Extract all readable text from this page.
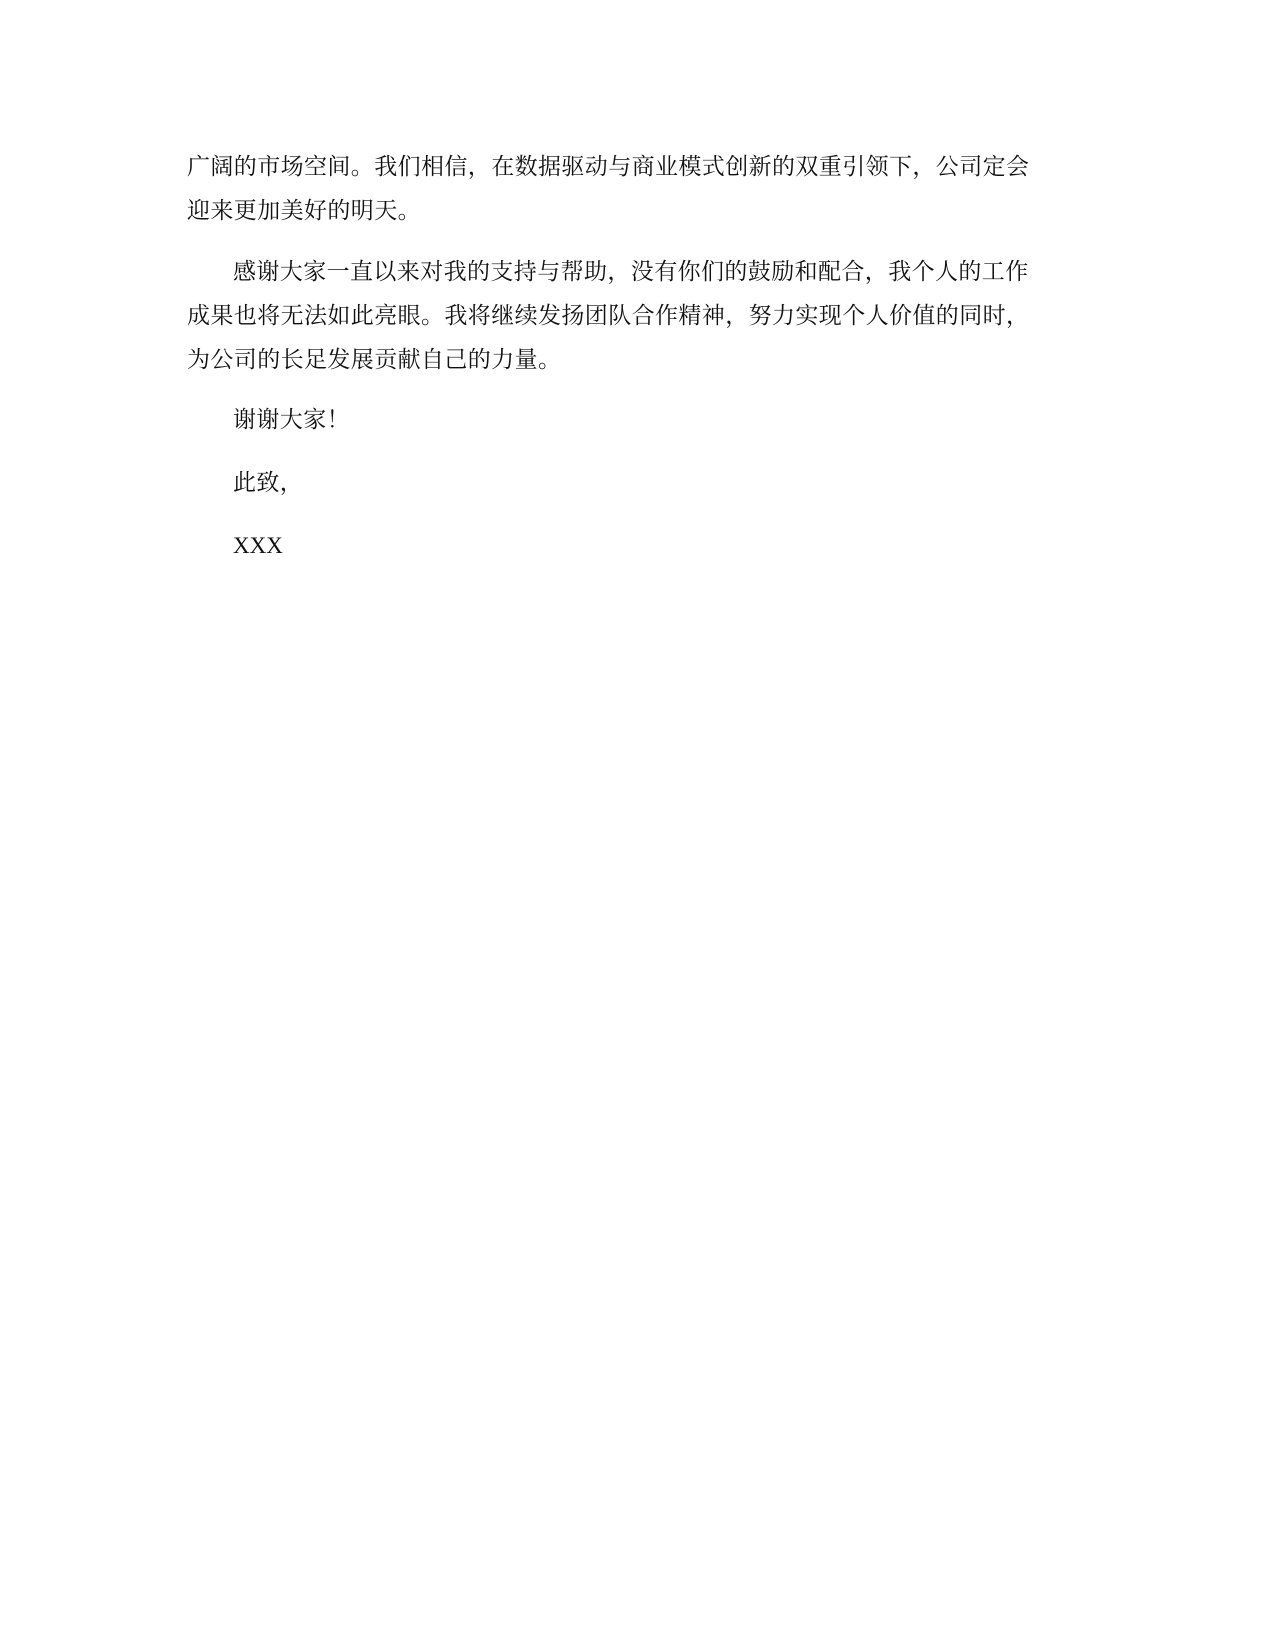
广阔的市场空间。我们相信，在数据驱动与商业模式创新的双重引领下，公司定会
迎来更加美好的明天。
感谢大家一直以来对我的支持与帮助，没有你们的鼓励和配合，我个人的工作
成果也将无法如此亮眼。我将继续发扬团队合作精神，努力实现个人价值的同时，
为公司的长足发展贡献自己的力量。
谢谢大家！
此致，
XXX
